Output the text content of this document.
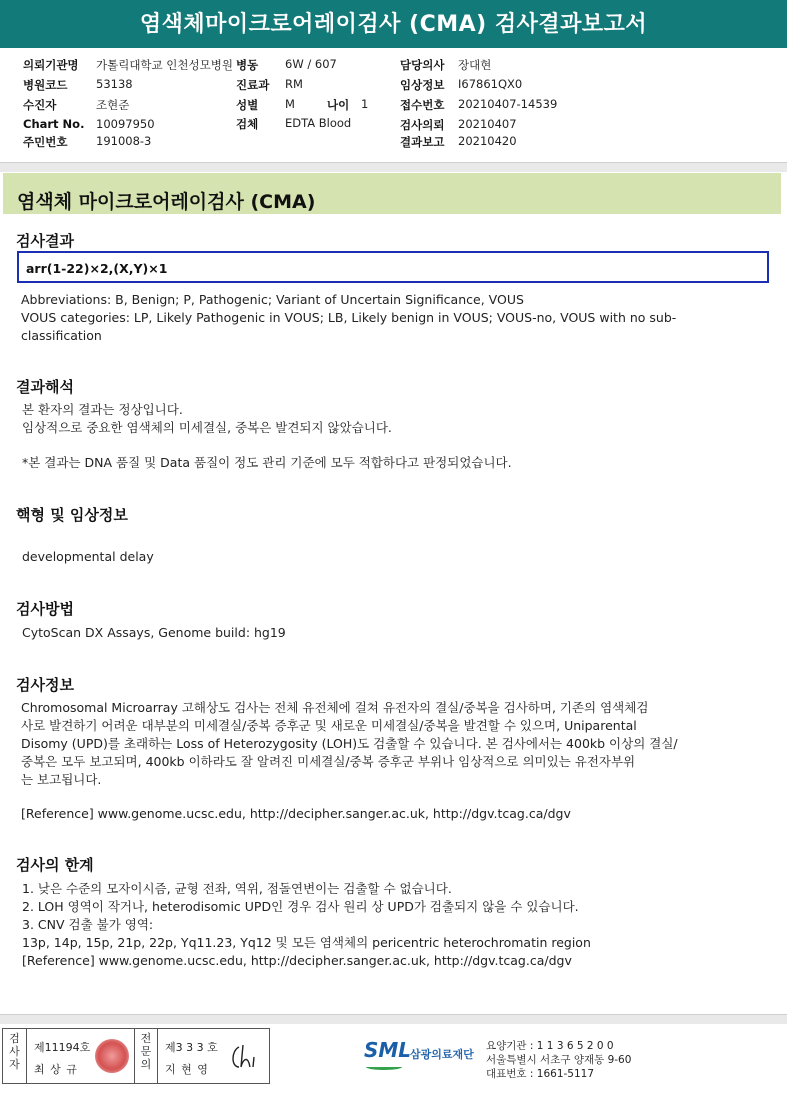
염색체마이크로어레이검사 (CMA) 검사결과보고서
의뢰기관명 가톨릭대학교 인천성모병원 병동 6W / 607	담당의사 장대현
병원코드 53138	진료과 RM	임상정보 I67861QX0
수진자	조현준	성별 M	나이 1	접수번호 20210407-14539
Chart No. 10097950	검체 EDTA Blood	검사의뢰 20210407
주민번호 191008-3	결과보고 20210420
염색체 마이크로어레이검사 (CMA)
검사결과
arr(1-22)×2,(X,Y)×1
Abbreviations: B, Benign; P, Pathogenic; Variant of Uncertain Significance, VOUS
VOUS categories: LP, Likely Pathogenic in VOUS; LB, Likely benign in VOUS; VOUS-no, VOUS with no sub-
classification
결과해석
본 환자의 결과는 정상입니다.
임상적으로 중요한 염색체의 미세결실, 중복은 발견되지 않았습니다.
*본 결과는 DNA 품질 및 Data 품질이 정도 관리 기준에 모두 적합하다고 판정되었습니다.
핵형 및 임상정보
developmental delay
검사방법
CytoScan DX Assays, Genome build: hg19
검사정보
Chromosomal Microarray 고해상도 검사는 전체 유전체에 걸쳐 유전자의 결실/중복을 검사하며, 기존의 염색체검
사로 발견하기 어려운 대부분의 미세결실/중복 증후군 및 새로운 미세결실/중복을 발견할 수 있으며, Uniparental
Disomy (UPD)를 초래하는 Loss of Heterozygosity (LOH)도 검출할 수 있습니다. 본 검사에서는 400kb 이상의 결실/
중복은 모두 보고되며, 400kb 이하라도 잘 알려진 미세결실/중복 증후군 부위나 임상적으로 의미있는 유전자부위
는 보고됩니다.
[Reference] www.genome.ucsc.edu, http://decipher.sanger.ac.uk, http://dgv.tcag.ca/dgv
검사의 한계
1. 낮은 수준의 모자이시즘, 균형 전좌, 역위, 점돌연변이는 검출할 수 없습니다.
2. LOH 영역이 작거나, heterodisomic UPD인 경우 검사 원리 상 UPD가 검출되지 않을 수 있습니다.
3. CNV 검출 불가 영역:
13p, 14p, 15p, 21p, 22p, Yq11.23, Yq12 및 모든 염색체의 pericentric heterochromatin region
[Reference] www.genome.ucsc.edu, http://decipher.sanger.ac.uk, http://dgv.tcag.ca/dgv
검사자
제11194호
최 상 규
전문의
제3 3 3 호
지 현 영
SML
삼광의료재단
요양기관 : 1 1 3 6 5 2 0 0
서울특별시 서초구 양재동 9-60
대표번호 : 1661-5117
